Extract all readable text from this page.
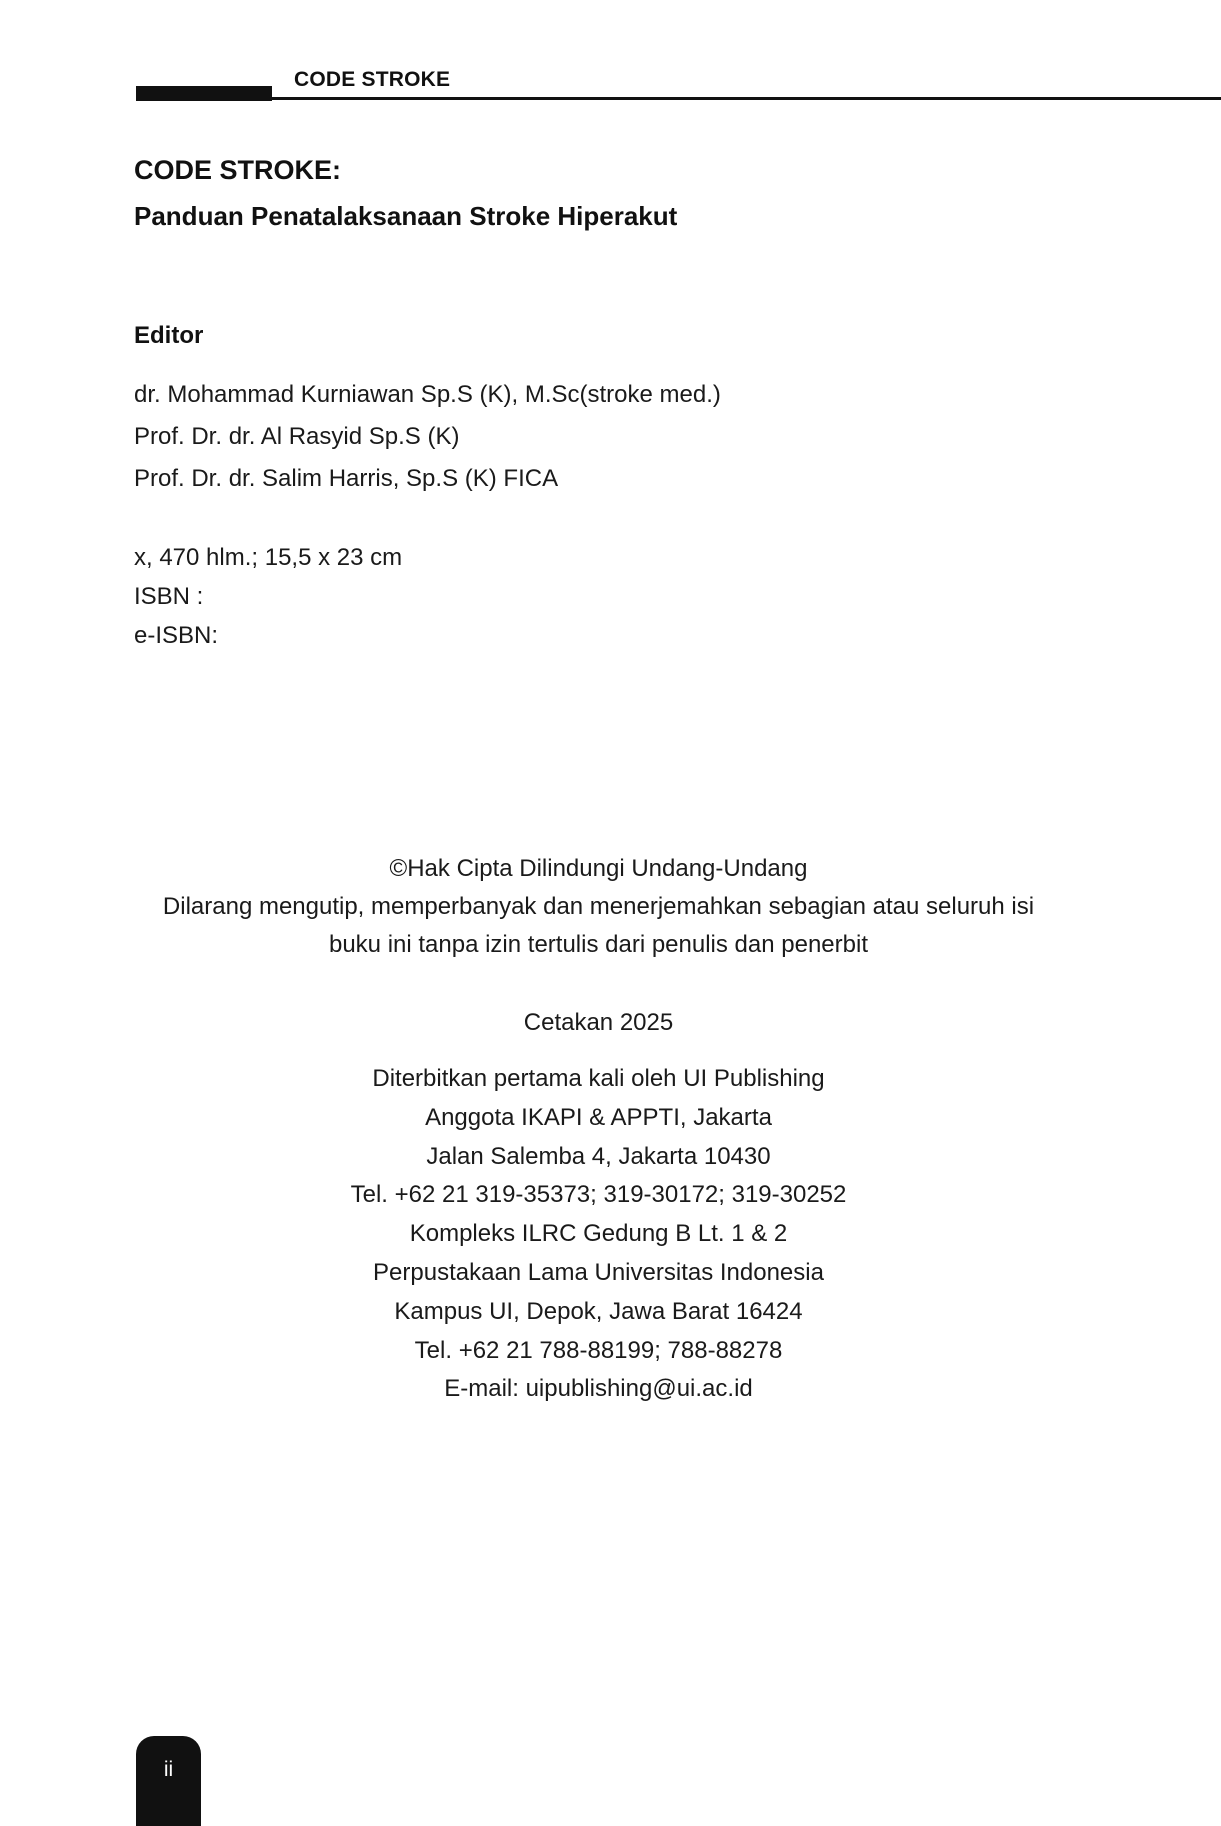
CODE STROKE
CODE STROKE:
Panduan Penatalaksanaan Stroke Hiperakut
Editor
dr. Mohammad Kurniawan Sp.S (K), M.Sc(stroke med.)
Prof. Dr. dr. Al Rasyid Sp.S (K)
Prof. Dr. dr. Salim Harris, Sp.S (K) FICA
x, 470 hlm.; 15,5 x 23 cm
ISBN :
e-ISBN:
©Hak Cipta Dilindungi Undang-Undang
Dilarang mengutip, memperbanyak dan menerjemahkan sebagian atau seluruh isi
buku ini tanpa izin tertulis dari penulis dan penerbit
Cetakan 2025
Diterbitkan pertama kali oleh UI Publishing
Anggota IKAPI & APPTI, Jakarta
Jalan Salemba 4, Jakarta 10430
Tel. +62 21 319-35373; 319-30172; 319-30252
Kompleks ILRC Gedung B Lt. 1 & 2
Perpustakaan Lama Universitas Indonesia
Kampus UI, Depok, Jawa Barat 16424
Tel. +62 21 788-88199; 788-88278
E-mail: uipublishing@ui.ac.id
ii
